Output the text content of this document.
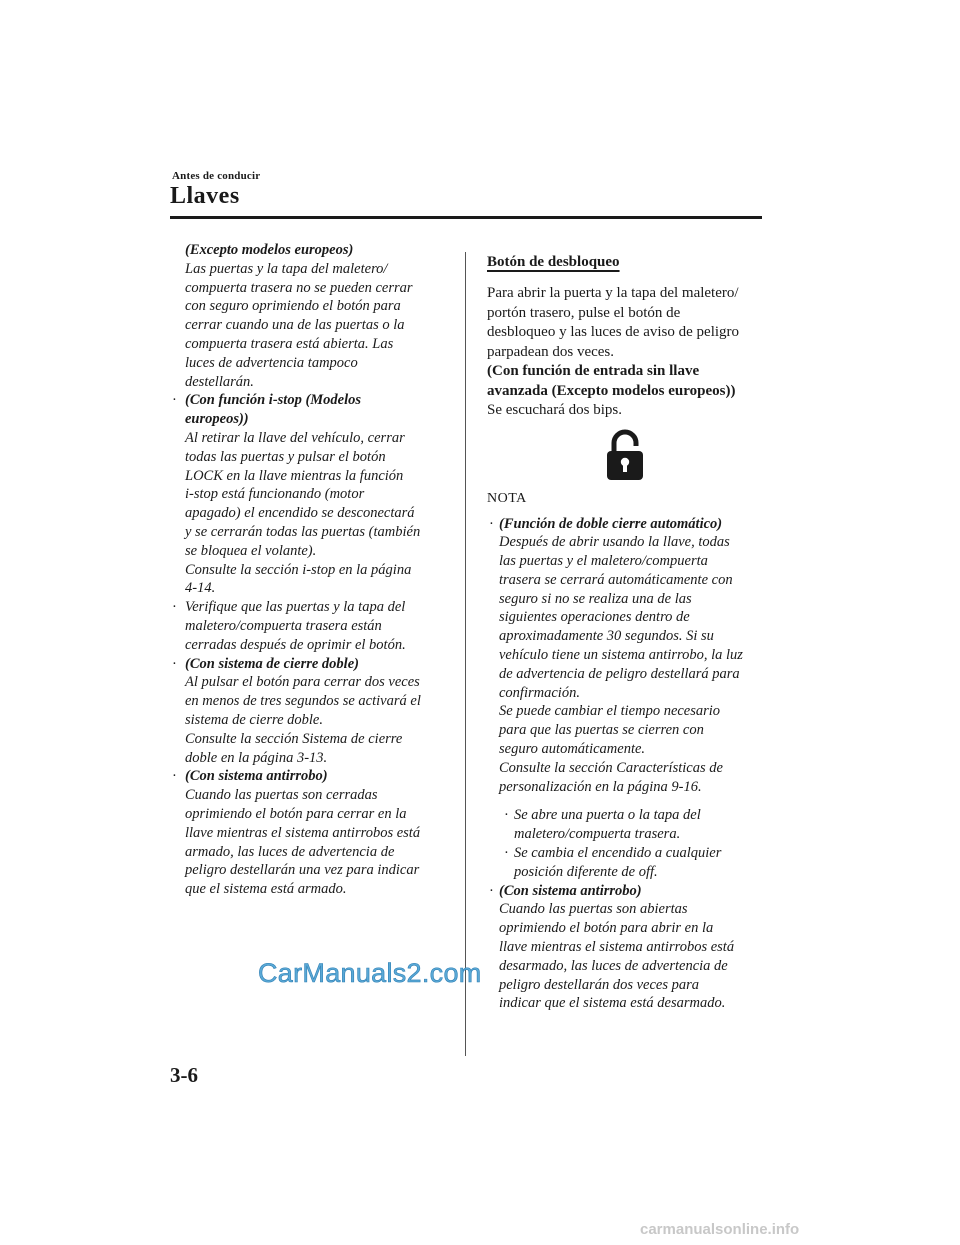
Antes de conducir
Llaves
(Excepto modelos europeos)
Las puertas y la tapa del maletero/
compuerta trasera no se pueden cerrar
con seguro oprimiendo el botón para
cerrar cuando una de las puertas o la
compuerta trasera está abierta. Las
luces de advertencia tampoco
destellarán.
· (Con función i-stop (Modelos
europeos))
Al retirar la llave del vehículo, cerrar
todas las puertas y pulsar el botón
LOCK en la llave mientras la función
i-stop está funcionando (motor
apagado) el encendido se desconectará
y se cerrarán todas las puertas (también
se bloquea el volante).
Consulte la sección i-stop en la página
4-14.
· Verifique que las puertas y la tapa del
maletero/compuerta trasera están
cerradas después de oprimir el botón.
· (Con sistema de cierre doble)
Al pulsar el botón para cerrar dos veces
en menos de tres segundos se activará el
sistema de cierre doble.
Consulte la sección Sistema de cierre
doble en la página 3-13.
· (Con sistema antirrobo)
Cuando las puertas son cerradas
oprimiendo el botón para cerrar en la
llave mientras el sistema antirrobos está
armado, las luces de advertencia de
peligro destellarán una vez para indicar
que el sistema está armado.
Botón de desbloqueo
Para abrir la puerta y la tapa del maletero/
portón trasero, pulse el botón de
desbloqueo y las luces de aviso de peligro
parpadean dos veces.
(Con función de entrada sin llave
avanzada (Excepto modelos europeos))
Se escuchará dos bips.
NOTA
· (Función de doble cierre automático)
Después de abrir usando la llave, todas
las puertas y el maletero/compuerta
trasera se cerrará automáticamente con
seguro si no se realiza una de las
siguientes operaciones dentro de
aproximadamente 30 segundos. Si su
vehículo tiene un sistema antirrobo, la luz
de advertencia de peligro destellará para
confirmación.
Se puede cambiar el tiempo necesario
para que las puertas se cierren con
seguro automáticamente.
Consulte la sección Características de
personalización en la página 9-16.
· Se abre una puerta o la tapa del
maletero/compuerta trasera.
· Se cambia el encendido a cualquier
posición diferente de off.
· (Con sistema antirrobo)
Cuando las puertas son abiertas
oprimiendo el botón para abrir en la
llave mientras el sistema antirrobos está
desarmado, las luces de advertencia de
peligro destellarán dos veces para
indicar que el sistema está desarmado.
CarManuals2.com
3-6
carmanualsonline.info
